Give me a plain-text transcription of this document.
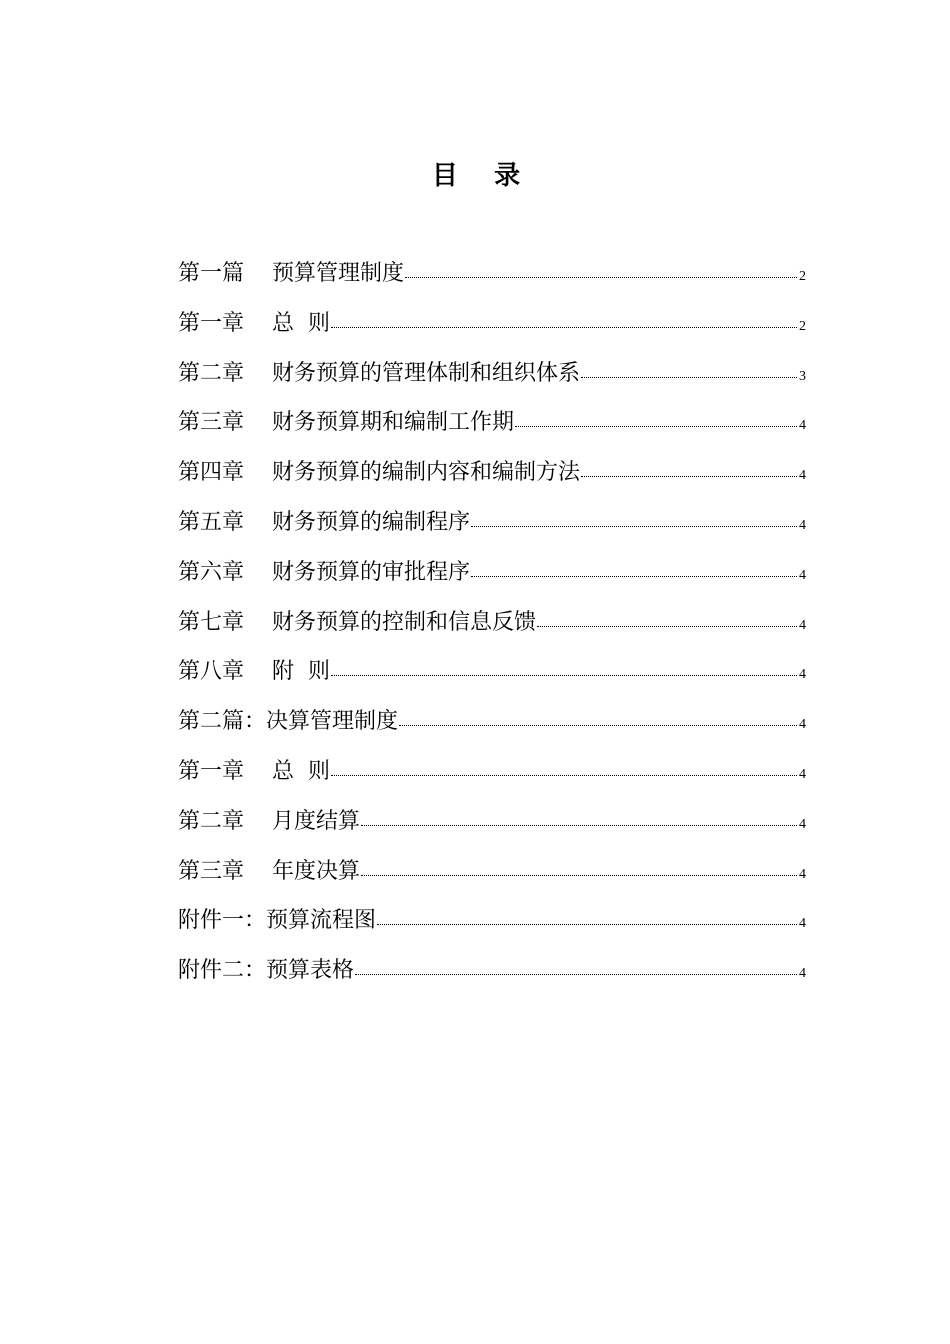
目    录
第一篇    预算管理制度	2
第一章    总  则	2
第二章    财务预算的管理体制和组织体系	3
第三章    财务预算期和编制工作期	4
第四章    财务预算的编制内容和编制方法	4
第五章    财务预算的编制程序	4
第六章    财务预算的审批程序	4
第七章    财务预算的控制和信息反馈	4
第八章    附  则	4
第二篇：决算管理制度	4
第一章    总  则	4
第二章    月度结算	4
第三章    年度决算	4
附件一：预算流程图	4
附件二：预算表格	4
